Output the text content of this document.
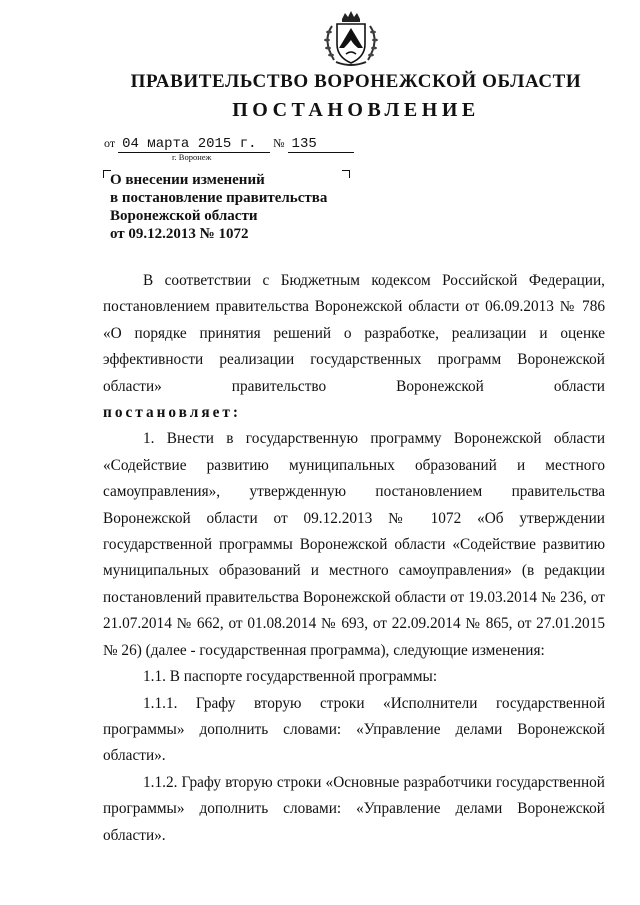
ПРАВИТЕЛЬСТВО ВОРОНЕЖСКОЙ ОБЛАСТИ
ПОСТАНОВЛЕНИЕ
от 04 марта 2015 г. № 135
г. Воронеж
О внесении изменений
в постановление правительства
Воронежской области
от 09.12.2013 № 1072

В соответствии с Бюджетным кодексом Российской Федерации, постановлением правительства Воронежской области от 06.09.2013 № 786 «О порядке принятия решений о разработке, реализации и оценке эффективности реализации государственных программ Воронежской области» правительство Воронежской области

постановляет:

1. Внести в государственную программу Воронежской области «Содействие развитию муниципальных образований и местного самоуправления», утвержденную постановлением правительства Воронежской области от 09.12.2013 № 1072 «Об утверждении государственной программы Воронежской области «Содействие развитию муниципальных образований и местного самоуправления» (в редакции постановлений правительства Воронежской области от 19.03.2014 № 236, от 21.07.2014 № 662, от 01.08.2014 № 693, от 22.09.2014 № 865, от 27.01.2015 № 26) (далее - государственная программа), следующие изменения:

1.1. В паспорте государственной программы:

1.1.1. Графу вторую строки «Исполнители государственной программы» дополнить словами: «Управление делами Воронежской области».

1.1.2. Графу вторую строки «Основные разработчики государственной программы» дополнить словами: «Управление делами Воронежской области».
